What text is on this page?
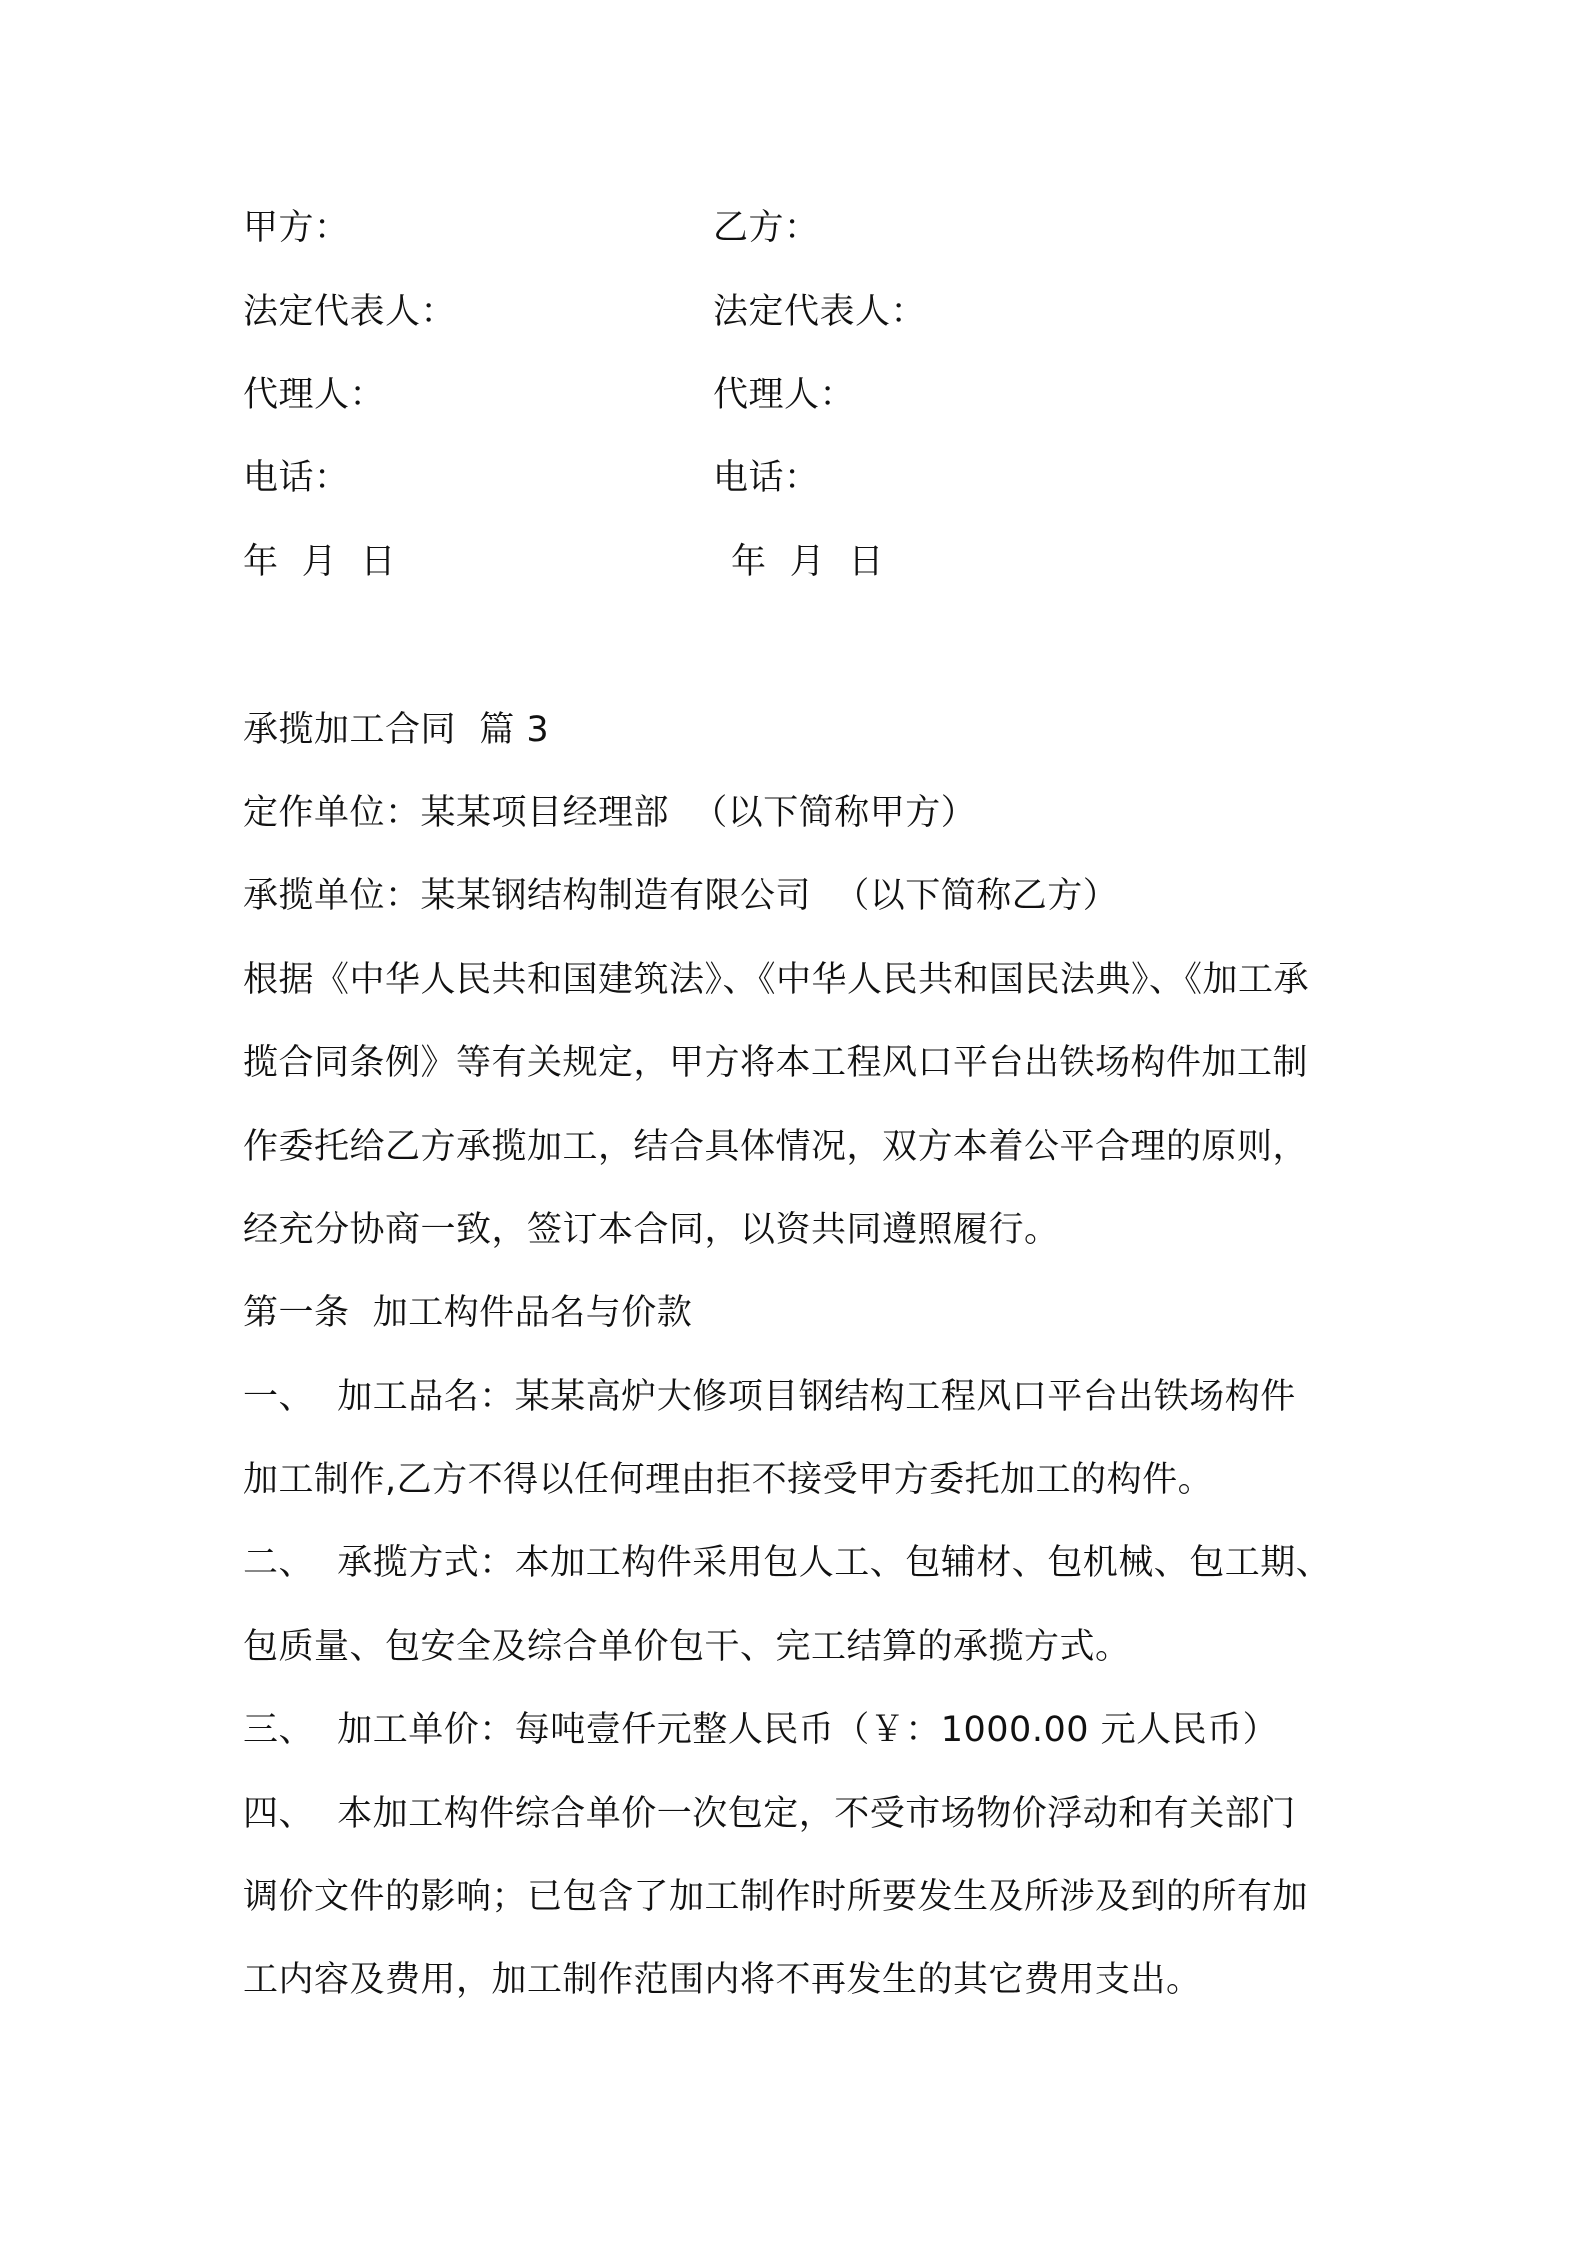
甲方：
法定代表人：
代理人：
电话：
年  月  日
乙方：
法定代表人：
代理人：
电话：
年  月  日
承揽加工合同  篇 3
定作单位：某某项目经理部  （以下简称甲方）
承揽单位：某某钢结构制造有限公司  （以下简称乙方）
根据《中华人民共和国建筑法》、《中华人民共和国民法典》、《加工承
揽合同条例》等有关规定，甲方将本工程风口平台出铁场构件加工制
作委托给乙方承揽加工，结合具体情况，双方本着公平合理的原则，
经充分协商一致，签订本合同，以资共同遵照履行。
第一条  加工构件品名与价款
一、  加工品名：某某高炉大修项目钢结构工程风口平台出铁场构件
加工制作,乙方不得以任何理由拒不接受甲方委托加工的构件。
二、  承揽方式：本加工构件采用包人工、包辅材、包机械、包工期、
包质量、包安全及综合单价包干、完工结算的承揽方式。
三、  加工单价：每吨壹仟元整人民币（￥：1000.00 元人民币）
四、  本加工构件综合单价一次包定，不受市场物价浮动和有关部门
调价文件的影响；已包含了加工制作时所要发生及所涉及到的所有加
工内容及费用，加工制作范围内将不再发生的其它费用支出。
